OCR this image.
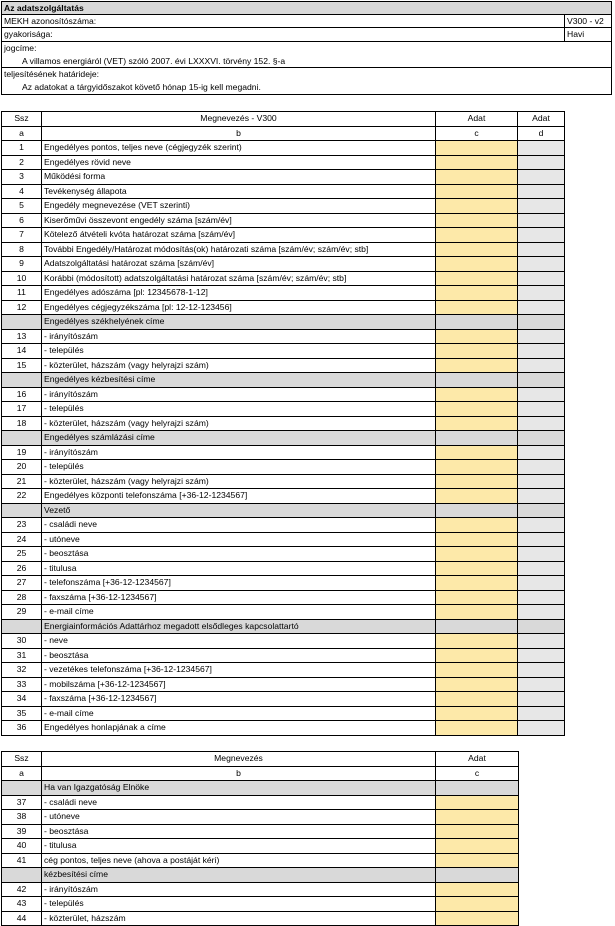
Az adatszolgáltatás
MEKH azonosítószáma:	V300 - v2
gyakorisága:	Havi
jogcíme:
A villamos energiáról (VET) szóló 2007. évi LXXXVI. törvény 152. §-a
teljesítésének határideje:
Az adatokat a tárgyidőszakot követő hónap 15-ig kell megadni.
Ssz	Megnevezés - V300	Adat	Adat
a	b	c	d
1	Engedélyes pontos, teljes neve (cégjegyzék szerint)		
2	Engedélyes rövid neve		
3	Működési forma		
4	Tevékenység állapota		
5	Engedély megnevezése (VET szerinti)		
6	Kiserőművi összevont engedély száma [szám/év]		
7	Kötelező átvételi kvóta határozat száma [szám/év]		
8	További Engedély/Határozat módosítás(ok) határozati száma [szám/év; szám/év; stb]		
9	Adatszolgáltatási határozat száma [szám/év]		
10	Korábbi (módosított) adatszolgáltatási határozat száma [szám/év; szám/év; stb]		
11	Engedélyes adószáma [pl: 12345678-1-12]		
12	Engedélyes cégjegyzékszáma [pl: 12-12-123456]		
	Engedélyes székhelyének címe		
13	- irányítószám		
14	- település		
15	- közterület, házszám (vagy helyrajzi szám)		
	Engedélyes kézbesítési címe		
16	- irányítószám		
17	- település		
18	- közterület, házszám (vagy helyrajzi szám)		
	Engedélyes számlázási címe		
19	- irányítószám		
20	- település		
21	- közterület, házszám (vagy helyrajzi szám)		
22	Engedélyes központi telefonszáma [+36-12-1234567]		
	Vezető		
23	- családi neve		
24	- utóneve		
25	- beosztása		
26	- titulusa		
27	- telefonszáma [+36-12-1234567]		
28	- faxszáma [+36-12-1234567]		
29	- e-mail címe		
	Energiainformációs Adattárhoz megadott elsődleges kapcsolattartó		
30	- neve		
31	- beosztása		
32	- vezetékes telefonszáma [+36-12-1234567]		
33	- mobilszáma [+36-12-1234567]		
34	- faxszáma [+36-12-1234567]		
35	- e-mail címe		
36	Engedélyes honlapjának a címe		
Ssz	Megnevezés	Adat
a	b	c
	Ha van Igazgatóság Elnöke	
37	- családi neve	
38	- utóneve	
39	- beosztása	
40	- titulusa	
41	cég pontos, teljes neve (ahova a postáját kéri)	
	kézbesítési címe	
42	- irányítószám	
43	- település	
44	- közterület, házszám	
